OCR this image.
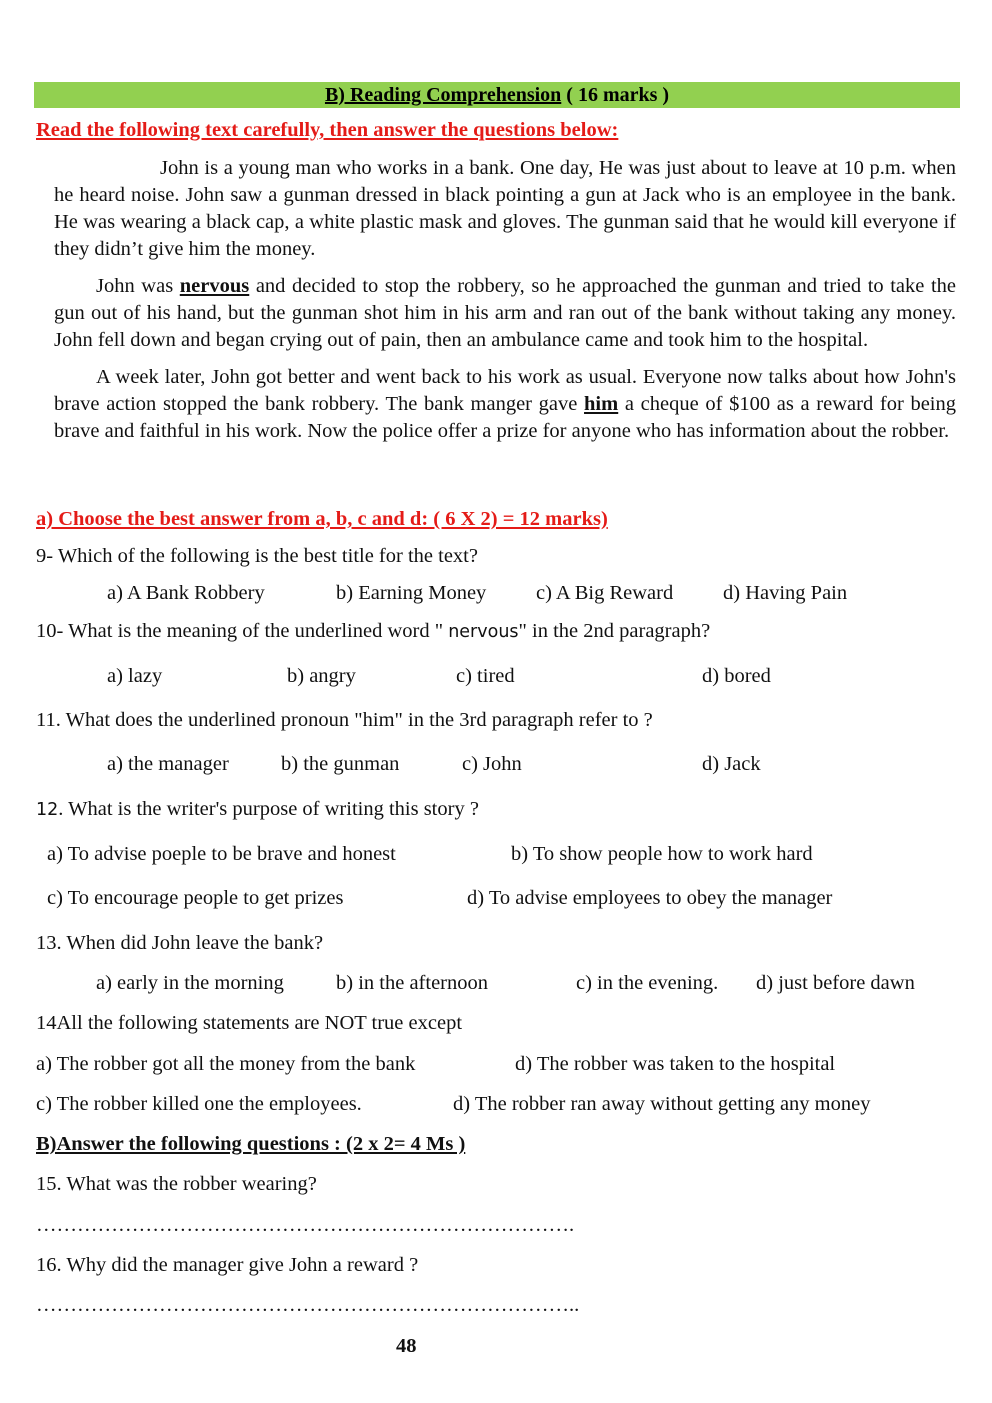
B) Reading Comprehension ( 16 marks )
Read the following text carefully, then answer the questions below:

John is a young man who works in a bank. One day, He was just about to leave at 10 p.m. when he heard noise. John saw a gunman dressed in black pointing a gun at Jack who is an employee in the bank. He was wearing a black cap, a white plastic mask and gloves. The gunman said that he would kill everyone if they didn’t give him the money.

John was nervous and decided to stop the robbery, so he approached the gunman and tried to take the gun out of his hand, but the gunman shot him in his arm and ran out of the bank without taking any money. John fell down and began crying out of pain, then an ambulance came and took him to the hospital.

A week later, John got better and went back to his work as usual. Everyone now talks about how John's brave action stopped the bank robbery. The bank manger gave him a cheque of $100 as a reward for being brave and faithful in his work. Now the police offer a prize for anyone who has information about the robber.

a) Choose the best answer from a, b, c and d: ( 6 X 2) = 12 marks)
9- Which of the following is the best title for the text?
a) A Bank Robbery	b) Earning Money c) A Big Reward d) Having Pain
10- What is the meaning of the underlined word " nervous" in the 2nd paragraph?
a) lazy	b) angry	c) tired	d) bored
11. What does the underlined pronoun "him" in the 3rd paragraph refer to ?
a) the manager	b) the gunman	c) John	d) Jack
12. What is the writer's purpose of writing this story ?
a) To advise poeple to be brave and honest	b) To show people how to work hard
c) To encourage people to get prizes	d) To advise employees to obey the manager
13. When did John leave the bank?
a) early in the morning	b) in the afternoon	c) in the evening. d) just before dawn
14All the following statements are NOT true except
a) The robber got all the money from the bank	d) The robber was taken to the hospital
c) The robber killed one the employees.	d) The robber ran away without getting any money
B)Answer the following questions : (2 x 2= 4 Ms )
15. What was the robber wearing?
…………………………………………………………………….
16. Why did the manager give John a reward ?
……………………………………………………………………..
48
